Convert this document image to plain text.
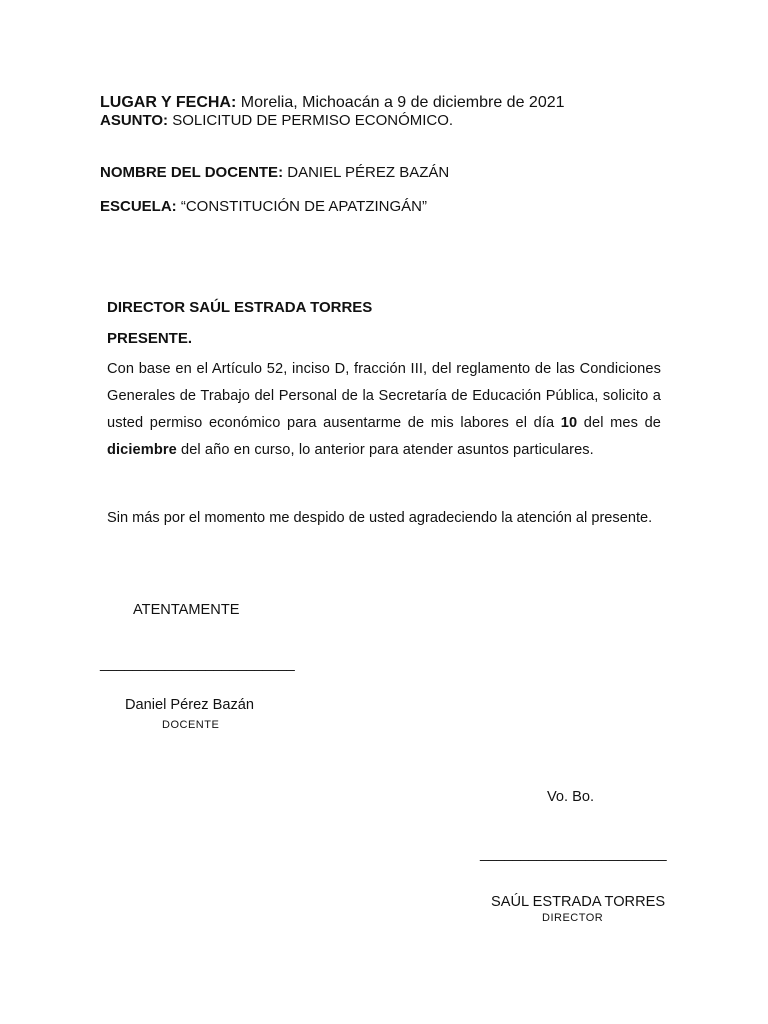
LUGAR Y FECHA: Morelia, Michoacán a 9 de diciembre de 2021
ASUNTO: SOLICITUD DE PERMISO ECONÓMICO.
NOMBRE DEL DOCENTE: DANIEL PÉREZ BAZÁN
ESCUELA: “CONSTITUCIÓN DE APATZINGÁN”
DIRECTOR SAÚL ESTRADA TORRES
PRESENTE.
Con base en el Artículo 52, inciso D, fracción III, del reglamento de las Condiciones Generales de Trabajo del Personal de la Secretaría de Educación Pública, solicito a usted permiso económico para ausentarme de mis labores el día 10 del mes de diciembre del año en curso, lo anterior para atender asuntos particulares.
Sin más por el momento me despido de usted agradeciendo la atención al presente.
ATENTAMENTE
________________________
Daniel Pérez Bazán
DOCENTE
Vo. Bo.
_______________________
SAÚL ESTRADA TORRES
DIRECTOR
